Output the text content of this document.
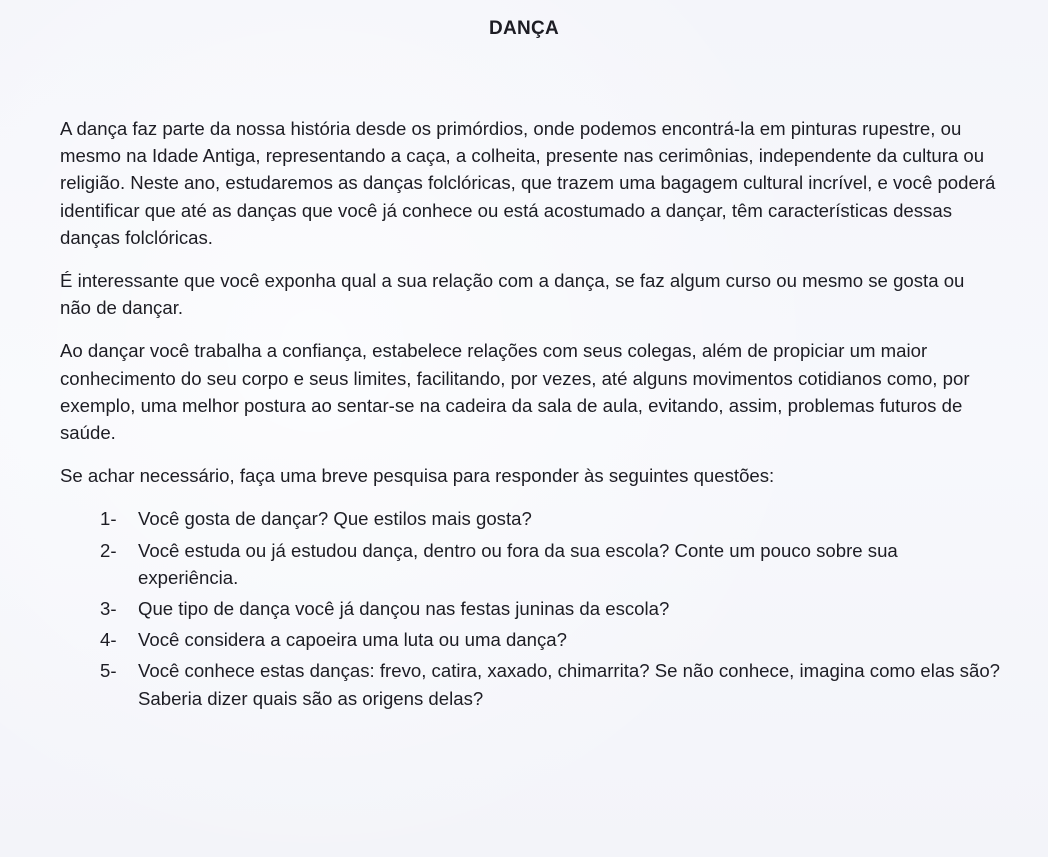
DANÇA

A dança faz parte da nossa história desde os primórdios, onde podemos encontrá-la em pinturas rupestre, ou mesmo na Idade Antiga, representando a caça, a colheita, presente nas cerimônias, independente da cultura ou religião. Neste ano, estudaremos as danças folclóricas, que trazem uma bagagem cultural incrível, e você poderá identificar que até as danças que você já conhece ou está acostumado a dançar, têm características dessas danças folclóricas.

É interessante que você exponha qual a sua relação com a dança, se faz algum curso ou mesmo se gosta ou não de dançar.

Ao dançar você trabalha a confiança, estabelece relações com seus colegas, além de propiciar um maior conhecimento do seu corpo e seus limites, facilitando, por vezes, até alguns movimentos cotidianos como, por exemplo, uma melhor postura ao sentar-se na cadeira da sala de aula, evitando, assim, problemas futuros de saúde.

Se achar necessário, faça uma breve pesquisa para responder às seguintes questões:

1-	Você gosta de dançar? Que estilos mais gosta?
2-	Você estuda ou já estudou dança, dentro ou fora da sua escola? Conte um pouco sobre sua experiência.
3-	Que tipo de dança você já dançou nas festas juninas da escola?
4-	Você considera a capoeira uma luta ou uma dança?
5-	Você conhece estas danças: frevo, catira, xaxado, chimarrita? Se não conhece, imagina como elas são? Saberia dizer quais são as origens delas?
